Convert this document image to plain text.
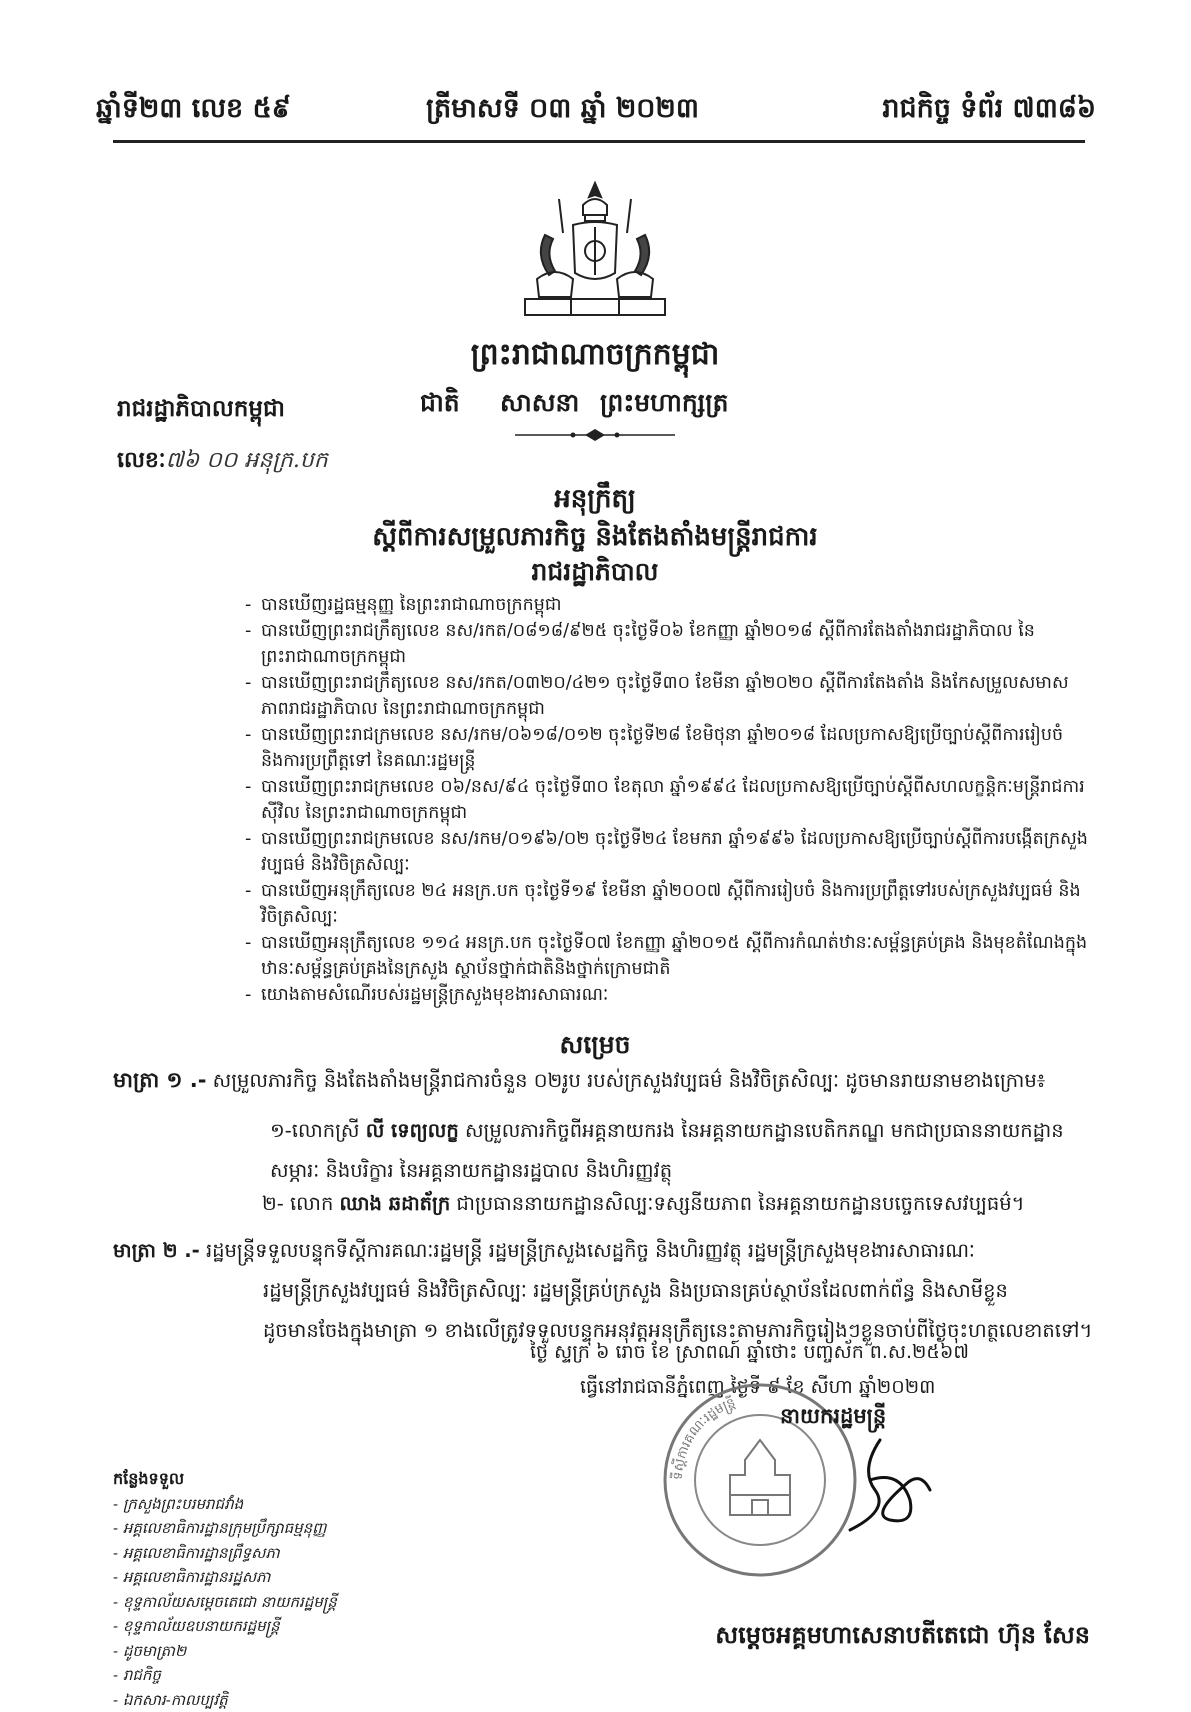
ឆ្នាំទី២៣ លេខ ៥៩	ត្រីមាសទី ០៣ ឆ្នាំ ២០២៣	រាជកិច្ច ទំព័រ ៧៣៨៦
ព្រះរាជាណាចក្រកម្ពុជា
ជាតិ សាសនា ព្រះមហាក្សត្រ
រាជរដ្ឋាភិបាលកម្ពុជា
លេខៈ៧៦ ០០ អនុក្រ.បក
អនុក្រឹត្យ
ស្តីពីការសម្រួលភារកិច្ច និងតែងតាំងមន្ត្រីរាជការ
រាជរដ្ឋាភិបាល
- បានឃើញរដ្ឋធម្មនុញ្ញ នៃព្រះរាជាណាចក្រកម្ពុជា
- បានឃើញព្រះរាជក្រឹត្យលេខ នស/រកត/០៨១៨/៩២៥ ចុះថ្ងៃទី០៦ ខែកញ្ញា ឆ្នាំ២០១៨ ស្តីពីការតែងតាំងរាជរដ្ឋាភិបាល នៃព្រះរាជាណាចក្រកម្ពុជា
- បានឃើញព្រះរាជក្រឹត្យលេខ នស/រកត/០៣២០/៤២១ ចុះថ្ងៃទី៣០ ខែមីនា ឆ្នាំ២០២០ ស្តីពីការតែងតាំង និងកែសម្រួលសមាសភាពរាជរដ្ឋាភិបាល នៃព្រះរាជាណាចក្រកម្ពុជា
- បានឃើញព្រះរាជក្រមលេខ នស/រកម/០៦១៨/០១២ ចុះថ្ងៃទី២៨ ខែមិថុនា ឆ្នាំ២០១៨ ដែលប្រកាសឱ្យប្រើច្បាប់ស្តីពីការរៀបចំ និងការប្រព្រឹត្តទៅ នៃគណៈរដ្ឋមន្ត្រី
- បានឃើញព្រះរាជក្រមលេខ ០៦/នស/៩៤ ចុះថ្ងៃទី៣០ ខែតុលា ឆ្នាំ១៩៩៤ ដែលប្រកាសឱ្យប្រើច្បាប់ស្តីពីសហលក្ខន្តិកៈមន្ត្រីរាជការស៊ីវិល នៃព្រះរាជាណាចក្រកម្ពុជា
- បានឃើញព្រះរាជក្រមលេខ នស/រកម/០១៩៦/០២ ចុះថ្ងៃទី២៤ ខែមករា ឆ្នាំ១៩៩៦ ដែលប្រកាសឱ្យប្រើច្បាប់ស្តីពីការបង្កើតក្រសួងវប្បធម៌ និងវិចិត្រសិល្បៈ
- បានឃើញអនុក្រឹត្យលេខ ២៤ អនក្រ.បក ចុះថ្ងៃទី១៩ ខែមីនា ឆ្នាំ២០០៧ ស្តីពីការរៀបចំ និងការប្រព្រឹត្តទៅរបស់ក្រសួងវប្បធម៌ និងវិចិត្រសិល្បៈ
- បានឃើញអនុក្រឹត្យលេខ ១១៤ អនក្រ.បក ចុះថ្ងៃទី០៧ ខែកញ្ញា ឆ្នាំ២០១៥ ស្តីពីការកំណត់ឋានៈសម្ព័ន្ធគ្រប់គ្រង និងមុខតំណែងក្នុងឋានៈសម្ព័ន្ធគ្រប់គ្រងនៃក្រសួង ស្ថាប័នថ្នាក់ជាតិនិងថ្នាក់ក្រោមជាតិ
- យោងតាមសំណើរបស់រដ្ឋមន្ត្រីក្រសួងមុខងារសាធារណៈ
សម្រេច
មាត្រា ១ .- សម្រួលភារកិច្ច និងតែងតាំងមន្ត្រីរាជការចំនួន ០២រូប របស់ក្រសួងវប្បធម៌ និងវិចិត្រសិល្បៈ ដូចមានរាយនាមខាងក្រោម៖
១-លោកស្រី លី ទេព្យលក្ខ សម្រួលភារកិច្ចពីអគ្គនាយករង នៃអគ្គនាយកដ្ឋានបេតិកភណ្ឌ មកជាប្រធាននាយកដ្ឋានសម្ភារៈ និងបរិក្ខារ នៃអគ្គនាយកដ្ឋានរដ្ឋបាល និងហិរញ្ញវត្ថុ
២- លោក ឈាង ឆដាត័ក្រ ជាប្រធាននាយកដ្ឋានសិល្បៈទស្សនីយភាព នៃអគ្គនាយកដ្ឋានបច្ចេកទេសវប្បធម៌។
មាត្រា ២ .- រដ្ឋមន្ត្រីទទួលបន្ទុកទីស្តីការគណៈរដ្ឋមន្ត្រី រដ្ឋមន្ត្រីក្រសួងសេដ្ឋកិច្ច និងហិរញ្ញវត្ថុ រដ្ឋមន្ត្រីក្រសួងមុខងារសាធារណៈ
រដ្ឋមន្ត្រីក្រសួងវប្បធម៌ និងវិចិត្រសិល្បៈ រដ្ឋមន្ត្រីគ្រប់ក្រសួង និងប្រធានគ្រប់ស្ថាប័នដែលពាក់ព័ន្ធ និងសាមីខ្លួន
ដូចមានចែងក្នុងមាត្រា ១ ខាងលើត្រូវទទួលបន្ទុកអនុវត្តអនុក្រឹត្យនេះតាមភារកិច្ចរៀងៗខ្លួនចាប់ពីថ្ងៃចុះហត្ថលេខាតទៅ។
ថ្ងៃ ស្ទក្រ ៦ រោច ខែ ស្រាពណ៍ ឆ្នាំថោះ បញ្ចស័ក ព.ស.២៥៦៧
ធ្វើនៅរាជធានីភ្នំពេញ ថ្ងៃទី ៩ ខែ សីហា ឆ្នាំ២០២៣
ទីស្តីការគណៈរដ្ឋមន្ត្រី នាយករដ្ឋមន្ត្រី
កន្លែងទទួល
- ក្រសួងព្រះបរមរាជវាំង
- អគ្គលេខាធិការដ្ឋានក្រុមប្រឹក្សាធម្មនុញ្ញ
- អគ្គលេខាធិការដ្ឋានព្រឹទ្ធសភា
- អគ្គលេខាធិការដ្ឋានរដ្ឋសភា
- ខុទ្ទកាល័យសម្តេចតេជោ នាយករដ្ឋមន្ត្រី
- ខុទ្ទកាល័យឧបនាយករដ្ឋមន្ត្រី
- ដូចមាត្រា២
- រាជកិច្ច
- ឯកសារ-កាលប្បវត្តិ
សម្តេចអគ្គមហាសេនាបតីតេជោ ហ៊ុន សែន
